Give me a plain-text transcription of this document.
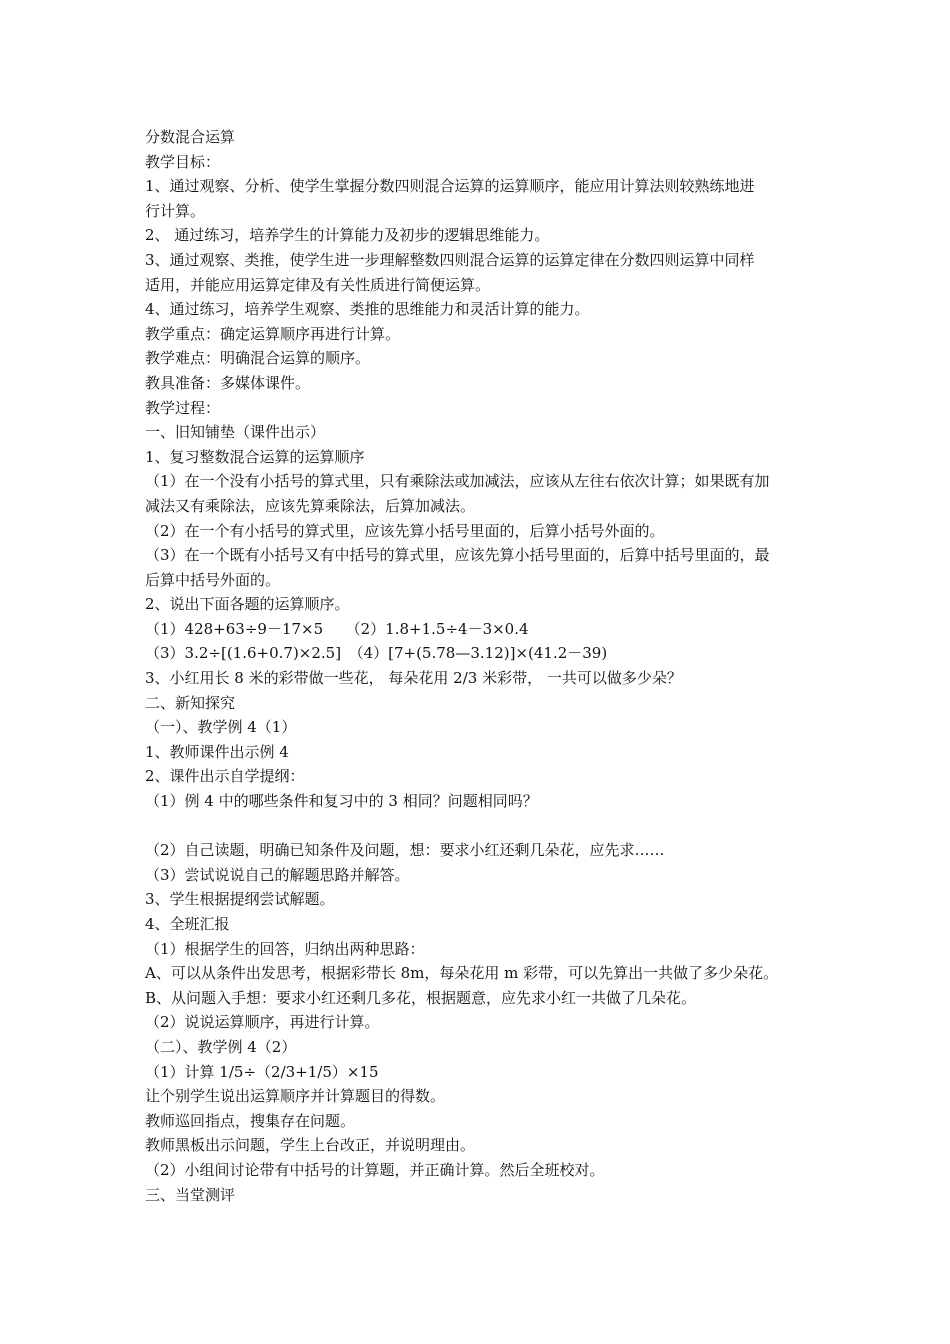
分数混合运算
教学目标：
1、通过观察、分析、使学生掌握分数四则混合运算的运算顺序，能应用计算法则较熟练地进
行计算。
2、 通过练习，培养学生的计算能力及初步的逻辑思维能力。
3、通过观察、类推，使学生进一步理解整数四则混合运算的运算定律在分数四则运算中同样
适用，并能应用运算定律及有关性质进行简便运算。
4、通过练习，培养学生观察、类推的思维能力和灵活计算的能力。
教学重点：确定运算顺序再进行计算。
教学难点：明确混合运算的顺序。
教具准备：多媒体课件。
教学过程：
一、旧知铺垫（课件出示）
1、复习整数混合运算的运算顺序
（1）在一个没有小括号的算式里，只有乘除法或加减法，应该从左往右依次计算；如果既有加
减法又有乘除法，应该先算乘除法，后算加减法。
（2）在一个有小括号的算式里，应该先算小括号里面的，后算小括号外面的。
（3）在一个既有小括号又有中括号的算式里，应该先算小括号里面的，后算中括号里面的，最
后算中括号外面的。
2、说出下面各题的运算顺序。
（1）428+63÷9－17×5　　（2）1.8+1.5÷4－3×0.4
（3）3.2÷[(1.6+0.7)×2.5]　（4）[7+(5.78—3.12)]×(41.2－39)
3、小红用长 8 米的彩带做一些花， 每朵花用 2/3 米彩带， 一共可以做多少朵？
二、新知探究
（一）、教学例 4（1）
1、教师课件出示例 4
2、课件出示自学提纲：
（1）例 4 中的哪些条件和复习中的 3 相同？问题相同吗？
（2）自己读题，明确已知条件及问题，想：要求小红还剩几朵花，应先求……
（3）尝试说说自己的解题思路并解答。
3、学生根据提纲尝试解题。
4、全班汇报
（1）根据学生的回答，归纳出两种思路：
A、可以从条件出发思考，根据彩带长 8m，每朵花用 m 彩带，可以先算出一共做了多少朵花。
B、从问题入手想：要求小红还剩几多花，根据题意，应先求小红一共做了几朵花。
（2）说说运算顺序，再进行计算。
（二）、教学例 4（2）
（1）计算 1/5÷（2/3+1/5）×15
让个别学生说出运算顺序并计算题目的得数。
教师巡回指点，搜集存在问题。
教师黑板出示问题，学生上台改正，并说明理由。
（2）小组间讨论带有中括号的计算题，并正确计算。然后全班校对。
三、当堂测评
